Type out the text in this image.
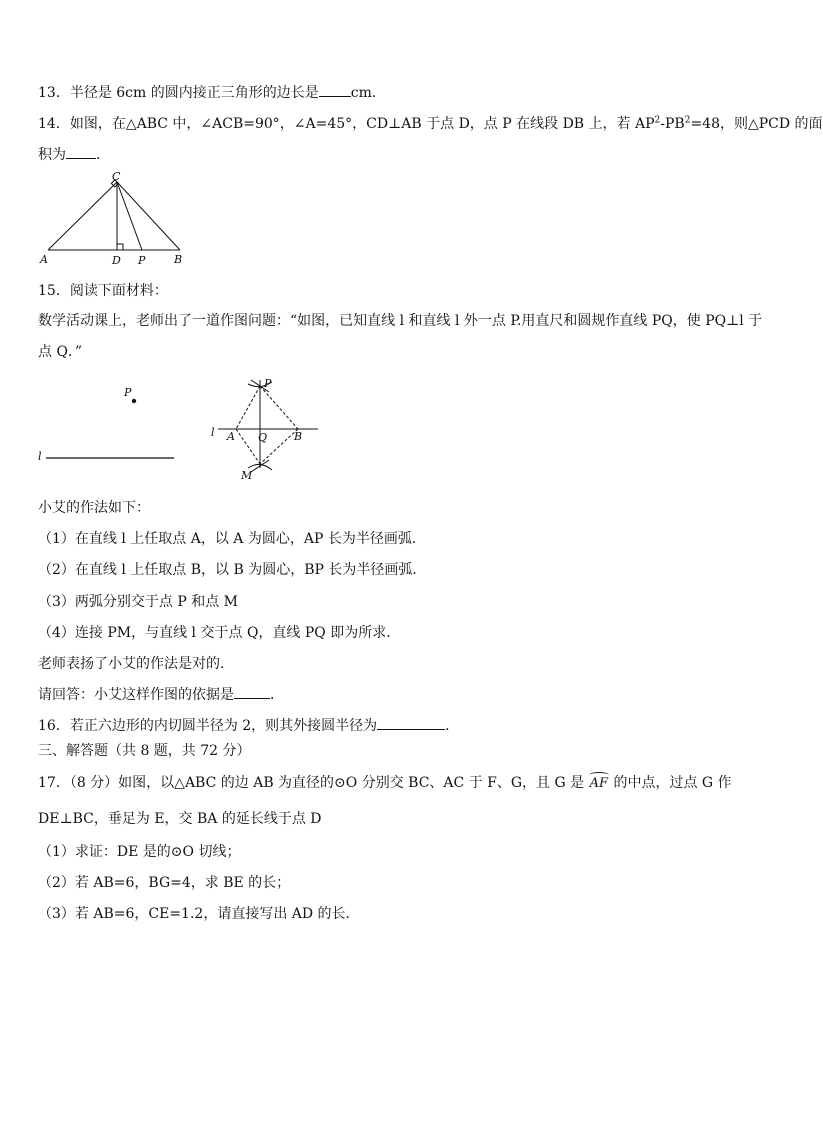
13．半径是 6cm 的圆内接正三角形的边长是 cm．
14．如图，在△ABC 中，∠ACB=90°，∠A=45°，CD⊥AB 于点 D，点 P 在线段 DB 上，若 $AP^2-PB^2=48$，则△PCD 的面
积为 ．
C
A	D P	B
15．阅读下面材料：
数学活动课上，老师出了一道作图问题：“如图，已知直线 l 和直线 l 外一点 P.用直尺和圆规作直线 PQ，使 PQ⊥l 于
点 Q．”
P
l
P
l A Q B
M
小艾的作法如下：
（1）在直线 l 上任取点 A，以 A 为圆心，AP 长为半径画弧．
（2）在直线 l 上任取点 B，以 B 为圆心，BP 长为半径画弧．
（3）两弧分别交于点 P 和点 M
（4）连接 PM，与直线 l 交于点 Q，直线 PQ 即为所求．
老师表扬了小艾的作法是对的．
请回答：小艾这样作图的依据是	．
16．若正六边形的内切圆半径为 2，则其外接圆半径为	．
三、解答题（共 8 题，共 72 分）
17．（8 分）如图，以△ABC 的边 AB 为直径的⊙O 分别交 BC、AC 于 F、G，且 G 是 AF 的中点，过点 G 作
DE⊥BC，垂足为 E，交 BA 的延长线于点 D
（1）求证：DE 是的⊙O 切线；
（2）若 AB=6，BG=4，求 BE 的长；
（3）若 AB=6，CE=1.2，请直接写出 AD 的长．
